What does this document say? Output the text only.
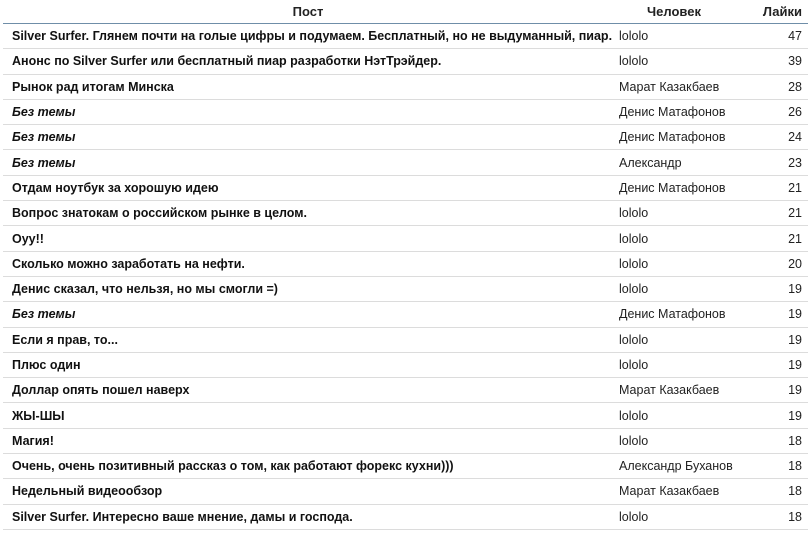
Пост	Человек	Лайки
Silver Surfer. Глянем почти на голые цифры и подумаем. Бесплатный, но не выдуманный, пиар.	lololo	47
Анонс по Silver Surfer или бесплатный пиар разработки НэтТрэйдер.	lololo	39
Рынок рад итогам Минска	Марат Казакбаев	28
Без темы	Денис Матафонов	26
Без темы	Денис Матафонов	24
Без темы	Александр	23
Отдам ноутбук за хорошую идею	Денис Матафонов	21
Вопрос знатокам о российском рынке в целом.	lololo	21
Оуу!!	lololo	21
Сколько можно заработать на нефти.	lololo	20
Денис сказал, что нельзя, но мы смогли =)	lololo	19
Без темы	Денис Матафонов	19
Если я прав, то...	lololo	19
Плюс один	lololo	19
Доллар опять пошел наверх	Марат Казакбаев	19
ЖЫ-ШЫ	lololo	19
Магия!	lololo	18
Очень, очень позитивный рассказ о том, как работают форекс кухни)))	Александр Буханов	18
Недельный видеообзор	Марат Казакбаев	18
Silver Surfer. Интересно ваше мнение, дамы и господа.	lololo	18
